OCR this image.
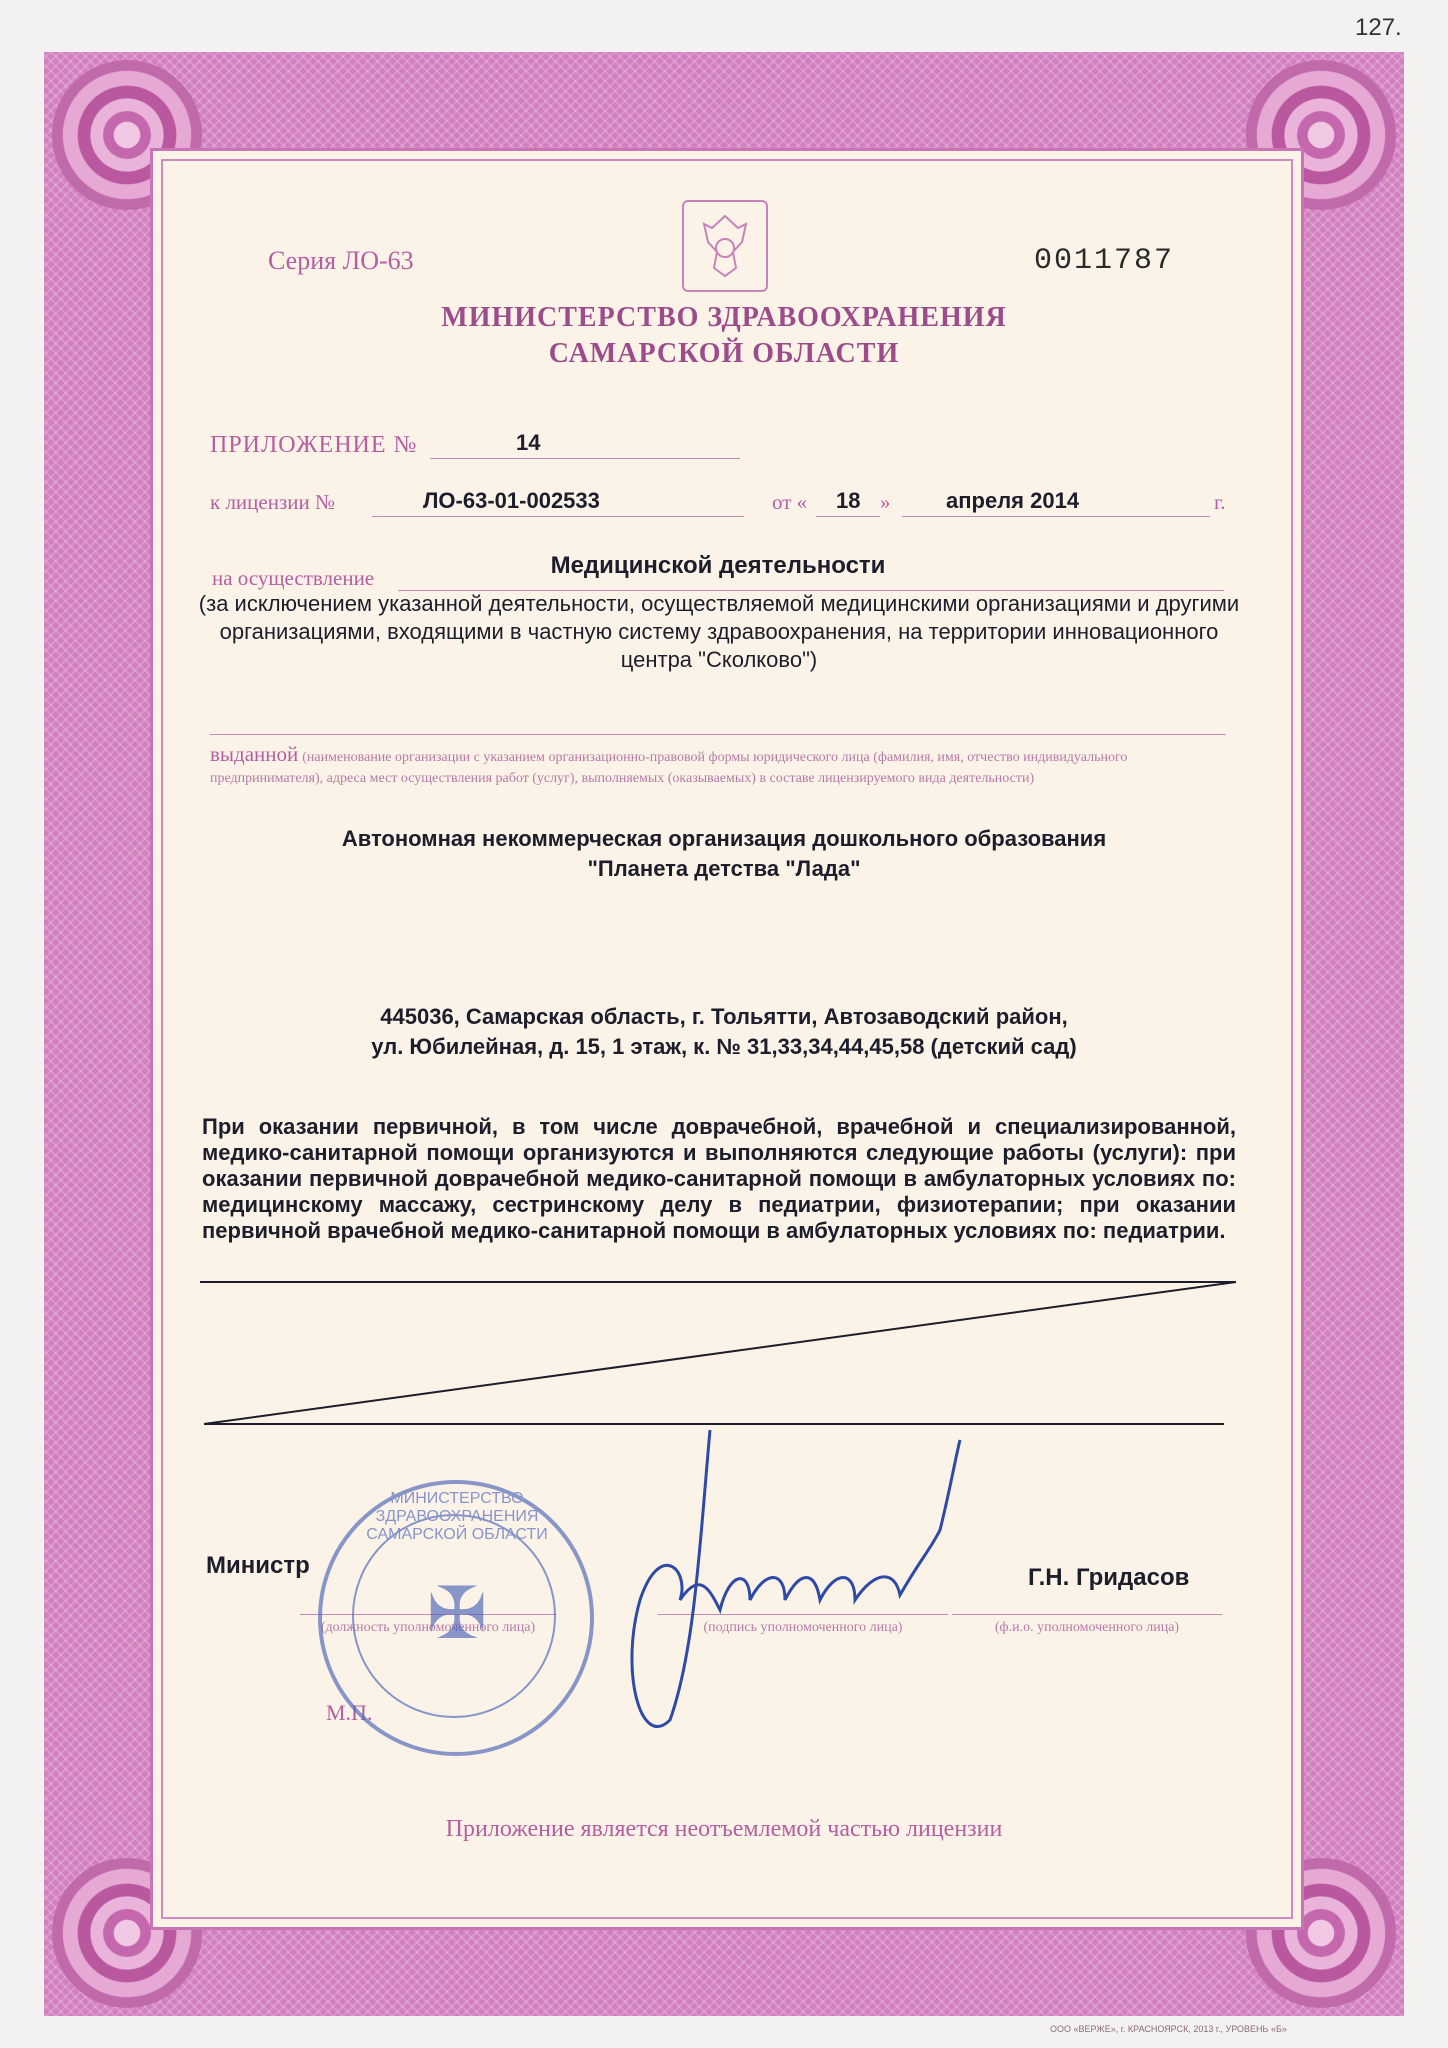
127.
Серия ЛО-63	0011787
МИНИСТЕРСТВО ЗДРАВООХРАНЕНИЯ
САМАРСКОЙ ОБЛАСТИ
ПРИЛОЖЕНИЕ №	14
к лицензии №	ЛО-63-01-002533	от « 18 »	апреля 2014	г.
на осуществление	Медицинской деятельности
(за исключением указанной деятельности, осуществляемой медицинскими организациями и другими организациями, входящими в частную систему здравоохранения, на территории инновационного центра "Сколково")
выданной (наименование организации с указанием организационно-правовой формы юридического лица (фамилия, имя, отчество индивидуального предпринимателя), адреса мест осуществления работ (услуг), выполняемых (оказываемых) в составе лицензируемого вида деятельности)
Автономная некоммерческая организация дошкольного образования
"Планета детства "Лада"
445036, Самарская область, г. Тольятти, Автозаводский район,
ул. Юбилейная, д. 15, 1 этаж, к. № 31,33,34,44,45,58 (детский сад)
При оказании первичной, в том числе доврачебной, врачебной и специализированной, медико-санитарной помощи организуются и выполняются следующие работы (услуги): при оказании первичной доврачебной медико-санитарной помощи в амбулаторных условиях по: медицинскому массажу, сестринскому делу в педиатрии, физиотерапии; при оказании первичной врачебной медико-санитарной помощи в амбулаторных условиях по: педиатрии.
Министр
(должность уполномоченного лица)	(подпись уполномоченного лица)
Г.Н. Гридасов
(ф.и.о. уполномоченного лица)
М.П.
✠
МИНИСТЕРСТВО ЗДРАВООХРАНЕНИЯ САМАРСКОЙ ОБЛАСТИ
Приложение является неотъемлемой частью лицензии
ООО «ВЕРЖЕ», г. КРАСНОЯРСК, 2013 г., УРОВЕНЬ «Б»
